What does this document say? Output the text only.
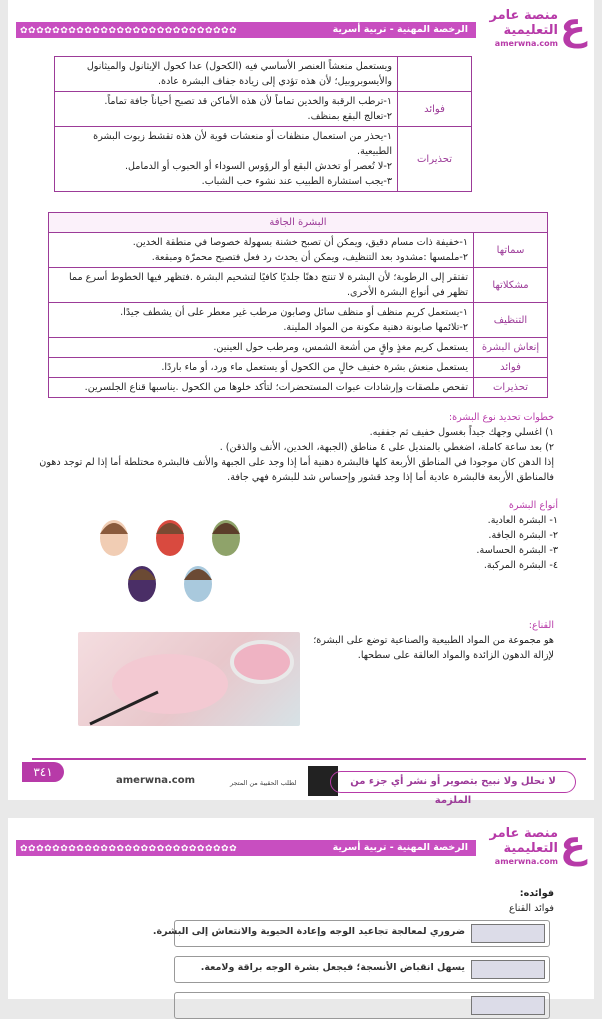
الرخصة المهنية - تربية أسرية
✿✿✿✿✿✿✿✿✿✿✿✿✿✿✿✿✿✿✿✿✿✿✿✿✿✿✿
منصة عامر
التعليمية
amerwna.com ع
	ويستعمل منعشاً العنصر الأساسي فيه (الكحول) عدا كحول الإيثانول والميثانول والأيسوبروبيل؛ لأن هذه تؤدي إلى زيادة جفاف البشرة عادة.
فوائد	١-ترطب الرقبة والخدين تماماً لأن هذه الأماكن قد تصبح أحياناً جافة تماماً.
٢-تعالج البقع بمنظف.

تحذيرات	١-يحذر من استعمال منظفات أو منعشات قوية لأن هذه تقشط زيوت البشرة الطبيعية.
٢-لا تُعصر أو تخدش البقع أو الرؤوس السوداء أو الحبوب أو الدمامل.
٣-يجب استشارة الطبيب عند نشوء حب الشباب.
البشرة الجافة	
سماتها	١-خفيفة ذات مسام دقيق، ويمكن أن تصبح خشنة بسهولة خصوصا في منطقة الخدين.
٢-ملمسها :مشدود بعد التنظيف، ويمكن أن يحدث رد فعل فتصبح محمرّة ومبقعة.

مشكلاتها	تفتقر إلى الرطوبة؛ لأن البشرة لا تنتج دهنًا جلديًا كافيًا لتشحيم البشرة .فتظهر فيها الخطوط أسرع مما تظهر في أنواع البشرة الأخرى.
التنظيف	١-يستعمل كريم منظف أو منظف سائل وصابون مرطب غير معطر على أن يشطف جيدًا.
٢-تلائمها صابونة دهنية مكونة من المواد الملينة.

إنعاش البشرة	يستعمل كريم مغذٍ واقٍ من أشعة الشمس، ومرطب حول العينين.
فوائد	يستعمل منعش بشرة خفيف خالٍ من الكحول أو يستعمل ماء ورد، أو ماء باردًا.
تحذيرات	تفحص ملصقات وإرشادات عبوات المستحضرات؛ لتأكد خلوها من الكحول .يناسبها قناع الجلسرين.
خطوات تحديد نوع البشرة:
١) اغسلي وجهك جيداً بغسول خفيف ثم جففيه.
٢) بعد ساعة كاملة، اضغطي بالمنديل على ٤ مناطق (الجبهة، الخدين، الأنف والذقن) .
إذا الدهن كان موجودا في المناطق الأربعة كلها فالبشرة دهنية أما إذا وجد على الجبهة والأنف فالبشرة مختلطة أما إذا لم توجد دهون فالمناطق الأربعة فالبشرة عادية أما إذا وجد قشور وإحساس شد للبشرة فهي جافة.
أنواع البشرة
١- البشرة العادية.
٢- البشرة الجافة.
٣- البشرة الحساسة.
٤- البشرة المركبة.
القناع:
هو مجموعة من المواد الطبيعية والصناعية توضع على البشرة؛
لإزالة الدهون الزائدة والمواد العالقة على سطحها.
٣٤١
amerwna.com	لطلب الحقيبة من المتجر	لا نحلل ولا نبيح بتصوير أو نشر أي جزء من الملزمة
الرخصة المهنية - تربية أسرية
✿✿✿✿✿✿✿✿✿✿✿✿✿✿✿✿✿✿✿✿✿✿✿✿✿✿✿
منصة عامر
التعليمية
amerwna.com ع
فوائده:
فوائد القناع
ضروري لمعالجة تجاعيد الوجه وإعادة الحيوية والانتعاش إلى البشرة.
يسهل انقباض الأنسجة؛ فيجعل بشرة الوجه براقة ولامعة.
